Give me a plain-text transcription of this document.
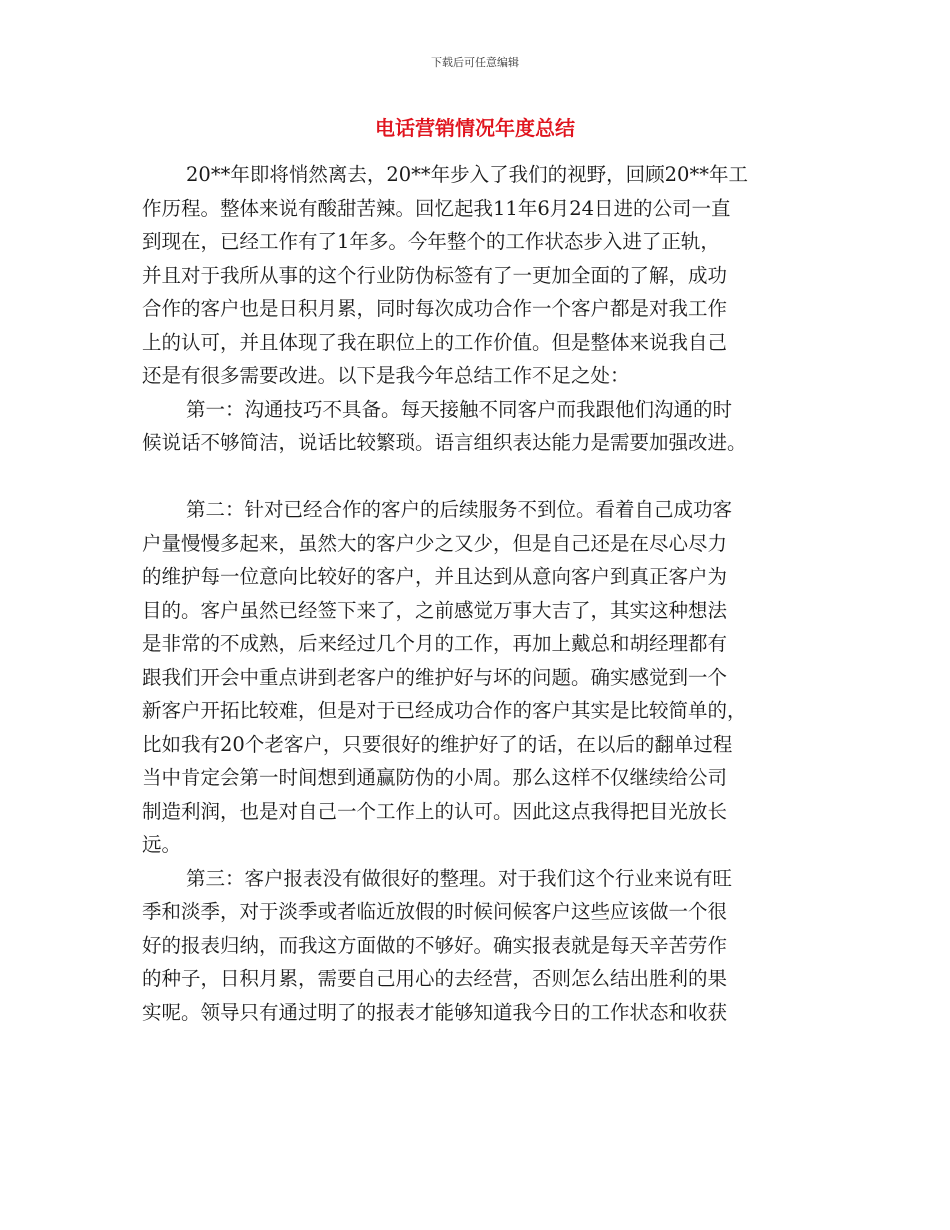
下载后可任意编辑
电话营销情况年度总结
20**年即将悄然离去，20**年步入了我们的视野，回顾20**年工
作历程。整体来说有酸甜苦辣。回忆起我11年6月24日进的公司一直
到现在，已经工作有了1年多。今年整个的工作状态步入进了正轨，
并且对于我所从事的这个行业防伪标签有了一更加全面的了解，成功
合作的客户也是日积月累，同时每次成功合作一个客户都是对我工作
上的认可，并且体现了我在职位上的工作价值。但是整体来说我自己
还是有很多需要改进。以下是我今年总结工作不足之处：
第一：沟通技巧不具备。每天接触不同客户而我跟他们沟通的时
候说话不够简洁，说话比较繁琐。语言组织表达能力是需要加强改进。
第二：针对已经合作的客户的后续服务不到位。看着自己成功客
户量慢慢多起来，虽然大的客户少之又少，但是自己还是在尽心尽力
的维护每一位意向比较好的客户，并且达到从意向客户到真正客户为
目的。客户虽然已经签下来了，之前感觉万事大吉了，其实这种想法
是非常的不成熟，后来经过几个月的工作，再加上戴总和胡经理都有
跟我们开会中重点讲到老客户的维护好与坏的问题。确实感觉到一个
新客户开拓比较难，但是对于已经成功合作的客户其实是比较简单的，
比如我有20个老客户，只要很好的维护好了的话，在以后的翻单过程
当中肯定会第一时间想到通赢防伪的小周。那么这样不仅继续给公司
制造利润，也是对自己一个工作上的认可。因此这点我得把目光放长
远。
第三：客户报表没有做很好的整理。对于我们这个行业来说有旺
季和淡季，对于淡季或者临近放假的时候问候客户这些应该做一个很
好的报表归纳，而我这方面做的不够好。确实报表就是每天辛苦劳作
的种子，日积月累，需要自己用心的去经营，否则怎么结出胜利的果
实呢。领导只有通过明了的报表才能够知道我今日的工作状态和收获
